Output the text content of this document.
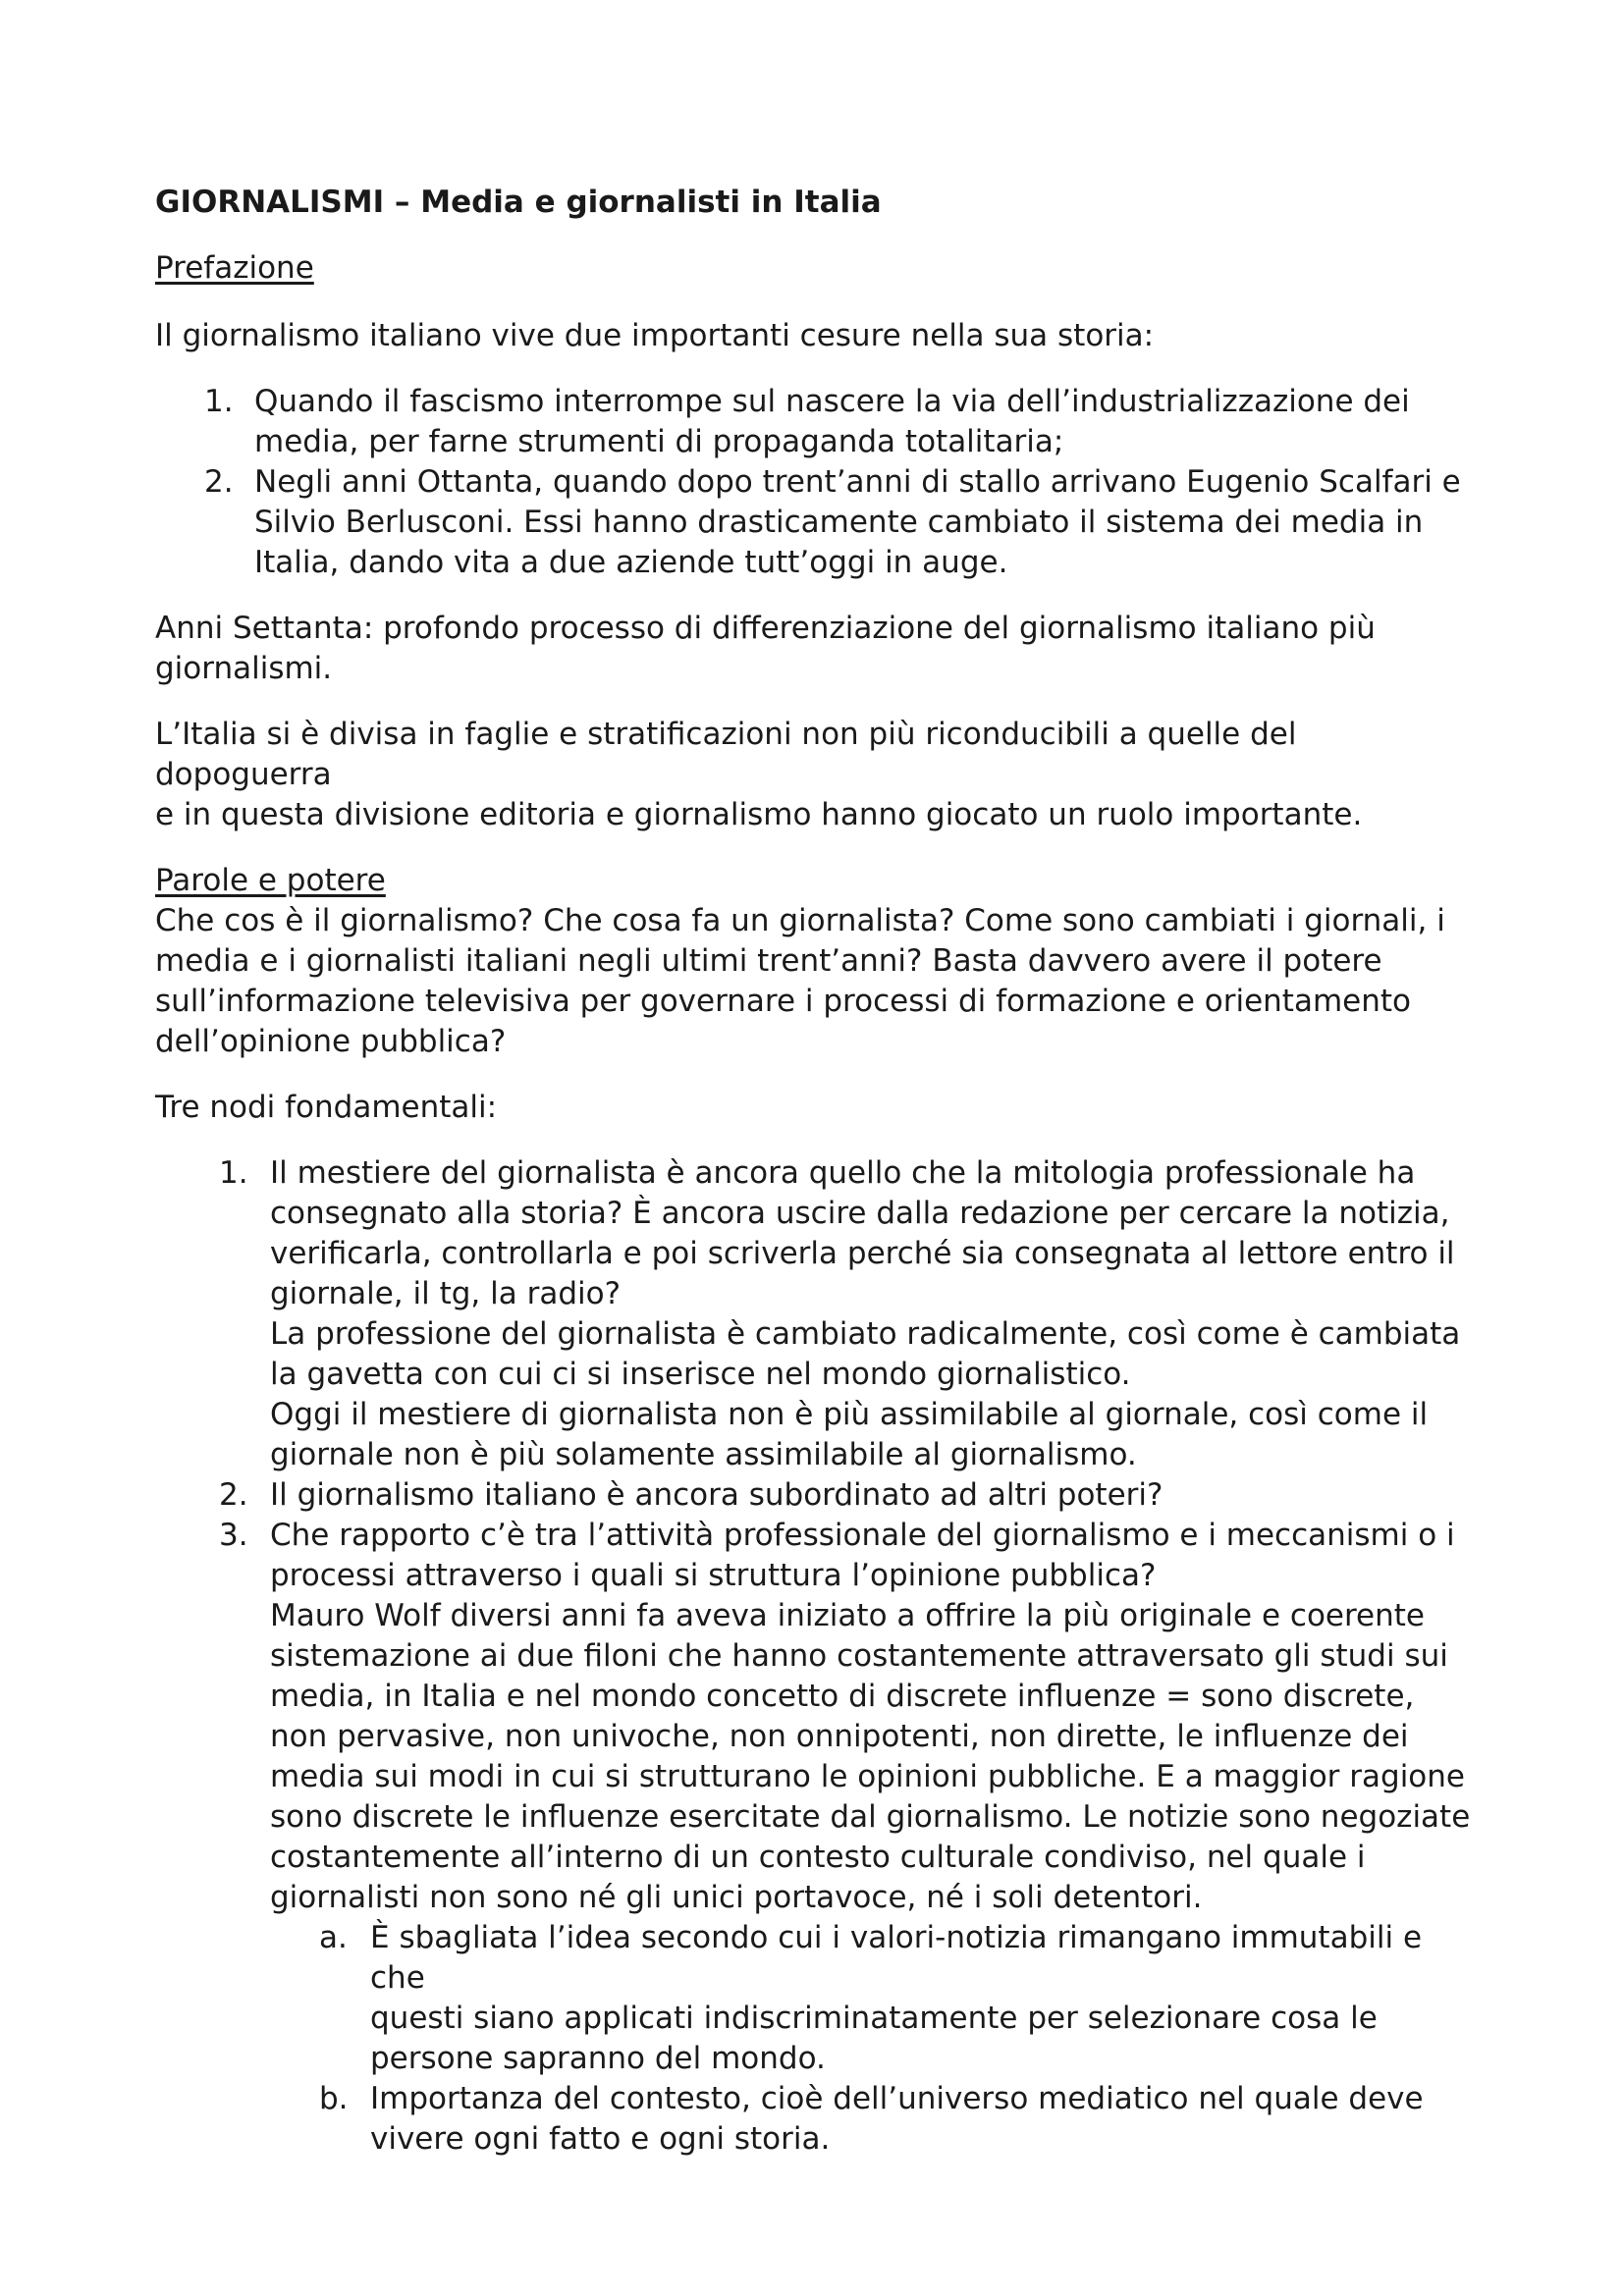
GIORNALISMI – Media e giornalisti in Italia
Prefazione

Il giornalismo italiano vive due importanti cesure nella sua storia:

1. Quando il fascismo interrompe sul nascere la via dell’industrializzazione dei
media, per farne strumenti di propaganda totalitaria;
2. Negli anni Ottanta, quando dopo trent’anni di stallo arrivano Eugenio Scalfari e
Silvio Berlusconi. Essi hanno drasticamente cambiato il sistema dei media in
Italia, dando vita a due aziende tutt’oggi in auge.

Anni Settanta: profondo processo di differenziazione del giornalismo italiano più
giornalismi.

L’Italia si è divisa in faglie e stratificazioni non più riconducibili a quelle del dopoguerra
e in questa divisione editoria e giornalismo hanno giocato un ruolo importante.

Parole e potere

Che cos è il giornalismo? Che cosa fa un giornalista? Come sono cambiati i giornali, i
media e i giornalisti italiani negli ultimi trent’anni? Basta davvero avere il potere
sull’informazione televisiva per governare i processi di formazione e orientamento
dell’opinione pubblica?

Tre nodi fondamentali:

1. Il mestiere del giornalista è ancora quello che la mitologia professionale ha
consegnato alla storia? È ancora uscire dalla redazione per cercare la notizia,
verificarla, controllarla e poi scriverla perché sia consegnata al lettore entro il
giornale, il tg, la radio?
La professione del giornalista è cambiato radicalmente, così come è cambiata
la gavetta con cui ci si inserisce nel mondo giornalistico.
Oggi il mestiere di giornalista non è più assimilabile al giornale, così come il
giornale non è più solamente assimilabile al giornalismo.
2. Il giornalismo italiano è ancora subordinato ad altri poteri?
3. Che rapporto c’è tra l’attività professionale del giornalismo e i meccanismi o i
processi attraverso i quali si struttura l’opinione pubblica?
Mauro Wolf diversi anni fa aveva iniziato a offrire la più originale e coerente
sistemazione ai due filoni che hanno costantemente attraversato gli studi sui
media, in Italia e nel mondo concetto di discrete influenze = sono discrete,
non pervasive, non univoche, non onnipotenti, non dirette, le influenze dei
media sui modi in cui si strutturano le opinioni pubbliche. E a maggior ragione
sono discrete le influenze esercitate dal giornalismo. Le notizie sono negoziate
costantemente all’interno di un contesto culturale condiviso, nel quale i
giornalisti non sono né gli unici portavoce, né i soli detentori.
a. È sbagliata l’idea secondo cui i valori-notizia rimangano immutabili e che
questi siano applicati indiscriminatamente per selezionare cosa le
persone sapranno del mondo.
b. Importanza del contesto, cioè dell’universo mediatico nel quale deve
vivere ogni fatto e ogni storia.
